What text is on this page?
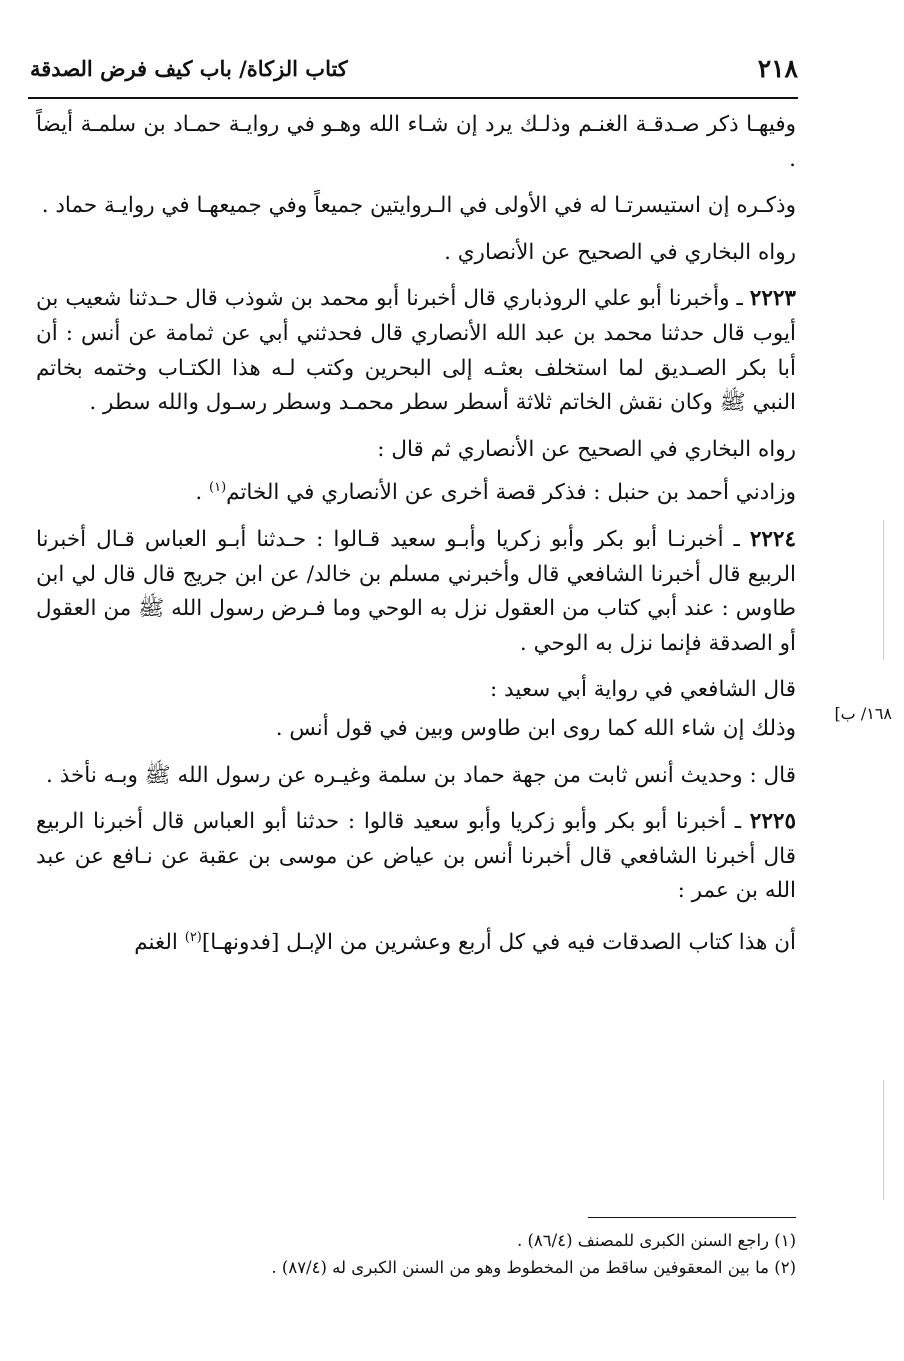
٢١٨
كتاب الزكاة/ باب كيف فرض الصدقة

وفيهـا ذكر صـدقـة الغنـم وذلـك يرد إن شـاء الله وهـو في روايـة حمـاد بن سلمـة أيضاً .

وذكـره إن استيسرتـا له في الأولى في الـروايتين جميعاً وفي جميعهـا في روايـة حماد .

رواه البخاري في الصحيح عن الأنصاري .

٢٢٢٣ ـ وأخبرنا أبو علي الروذباري قال أخبرنا أبو محمد بن شوذب قال حـدثنا شعيب بن أيوب قال حدثنا محمد بن عبد الله الأنصاري قال فحدثني أبي عن ثمامة عن أنس : أن أبا بكر الصـديق لما استخلف بعثـه إلى البحرين وكتب لـه هذا الكتـاب وختمه بخاتم النبي ﷺ وكان نقش الخاتم ثلاثة أسطر سطر محمـد وسطر رسـول والله سطر .

رواه البخاري في الصحيح عن الأنصاري ثم قال :

وزادني أحمد بن حنبل : فذكر قصة أخرى عن الأنصاري في الخاتم$^{(١)}$ .

٢٢٢٤ ـ أخبرنـا أبو بكر وأبو زكريا وأبـو سعيد قـالوا : حـدثنا أبـو العباس قـال أخبرنا الربيع قال أخبرنا الشافعي قال وأخبرني مسلم بن خالد/ عن ابن جريج قال قال لي ابن طاوس : عند أبي كتاب من العقول نزل به الوحي وما فـرض رسول الله ﷺ من العقول أو الصدقة فإنما نزل به الوحي .

قال الشافعي في رواية أبي سعيد :

وذلك إن شاء الله كما روى ابن طاوس وبين في قول أنس .

قال : وحديث أنس ثابت من جهة حماد بن سلمة وغيـره عن رسول الله ﷺ وبـه نأخذ .

٢٢٢٥ ـ أخبرنا أبو بكر وأبو زكريا وأبو سعيد قالوا : حدثنا أبو العباس قال أخبرنا الربيع قال أخبرنا الشافعي قال أخبرنا أنس بن عياض عن موسى بن عقبة عن نـافع عن عبد الله بن عمر :

أن هذا كتاب الصدقات فيه في كل أربع وعشرين من الإبـل [فدونهـا]$^{(٢)}$ الغنم

١٦٨/ ب]
(١) راجع السنن الكبرى للمصنف (٨٦/٤) .
(٢) ما بين المعقوفين ساقط من المخطوط وهو من السنن الكبرى له (٨٧/٤) .
